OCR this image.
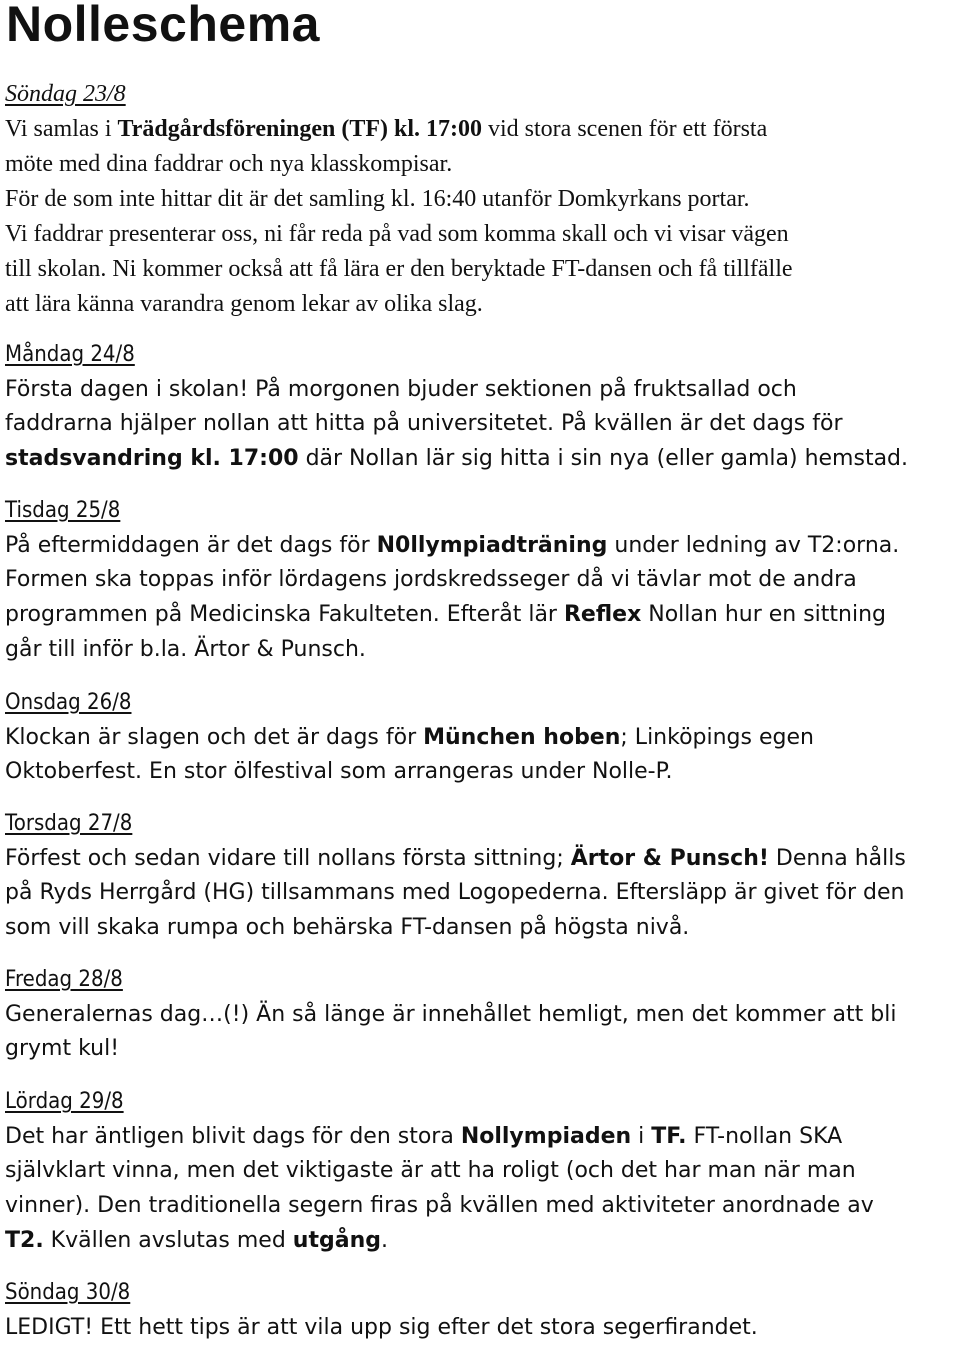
Nolleschema
Söndag 23/8
Vi samlas i Trädgårdsföreningen (TF) kl. 17:00 vid stora scenen för ett första
möte med dina faddrar och nya klasskompisar.
För de som inte hittar dit är det samling kl. 16:40 utanför Domkyrkans portar.
Vi faddrar presenterar oss, ni får reda på vad som komma skall och vi visar vägen
till skolan. Ni kommer också att få lära er den beryktade FT-dansen och få tillfälle
att lära känna varandra genom lekar av olika slag.
Måndag 24/8
Första dagen i skolan! På morgonen bjuder sektionen på fruktsallad och
faddrarna hjälper nollan att hitta på universitetet. På kvällen är det dags för
stadsvandring kl. 17:00 där Nollan lär sig hitta i sin nya (eller gamla) hemstad.
Tisdag 25/8
På eftermiddagen är det dags för N0llympiadträning under ledning av T2:orna.
Formen ska toppas inför lördagens jordskredsseger då vi tävlar mot de andra
programmen på Medicinska Fakulteten. Efteråt lär Reflex Nollan hur en sittning
går till inför b.la. Ärtor & Punsch.
Onsdag 26/8
Klockan är slagen och det är dags för München hoben; Linköpings egen
Oktoberfest. En stor ölfestival som arrangeras under Nolle-P.
Torsdag 27/8
Förfest och sedan vidare till nollans första sittning; Ärtor & Punsch! Denna hålls
på Ryds Herrgård (HG) tillsammans med Logopederna. Eftersläpp är givet för den
som vill skaka rumpa och behärska FT-dansen på högsta nivå.
Fredag 28/8
Generalernas dag…(!) Än så länge är innehållet hemligt, men det kommer att bli
grymt kul!
Lördag 29/8
Det har äntligen blivit dags för den stora Nollympiaden i TF. FT-nollan SKA
självklart vinna, men det viktigaste är att ha roligt (och det har man när man
vinner). Den traditionella segern firas på kvällen med aktiviteter anordnade av
T2. Kvällen avslutas med utgång.
Söndag 30/8
LEDIGT! Ett hett tips är att vila upp sig efter det stora segerfirandet.
